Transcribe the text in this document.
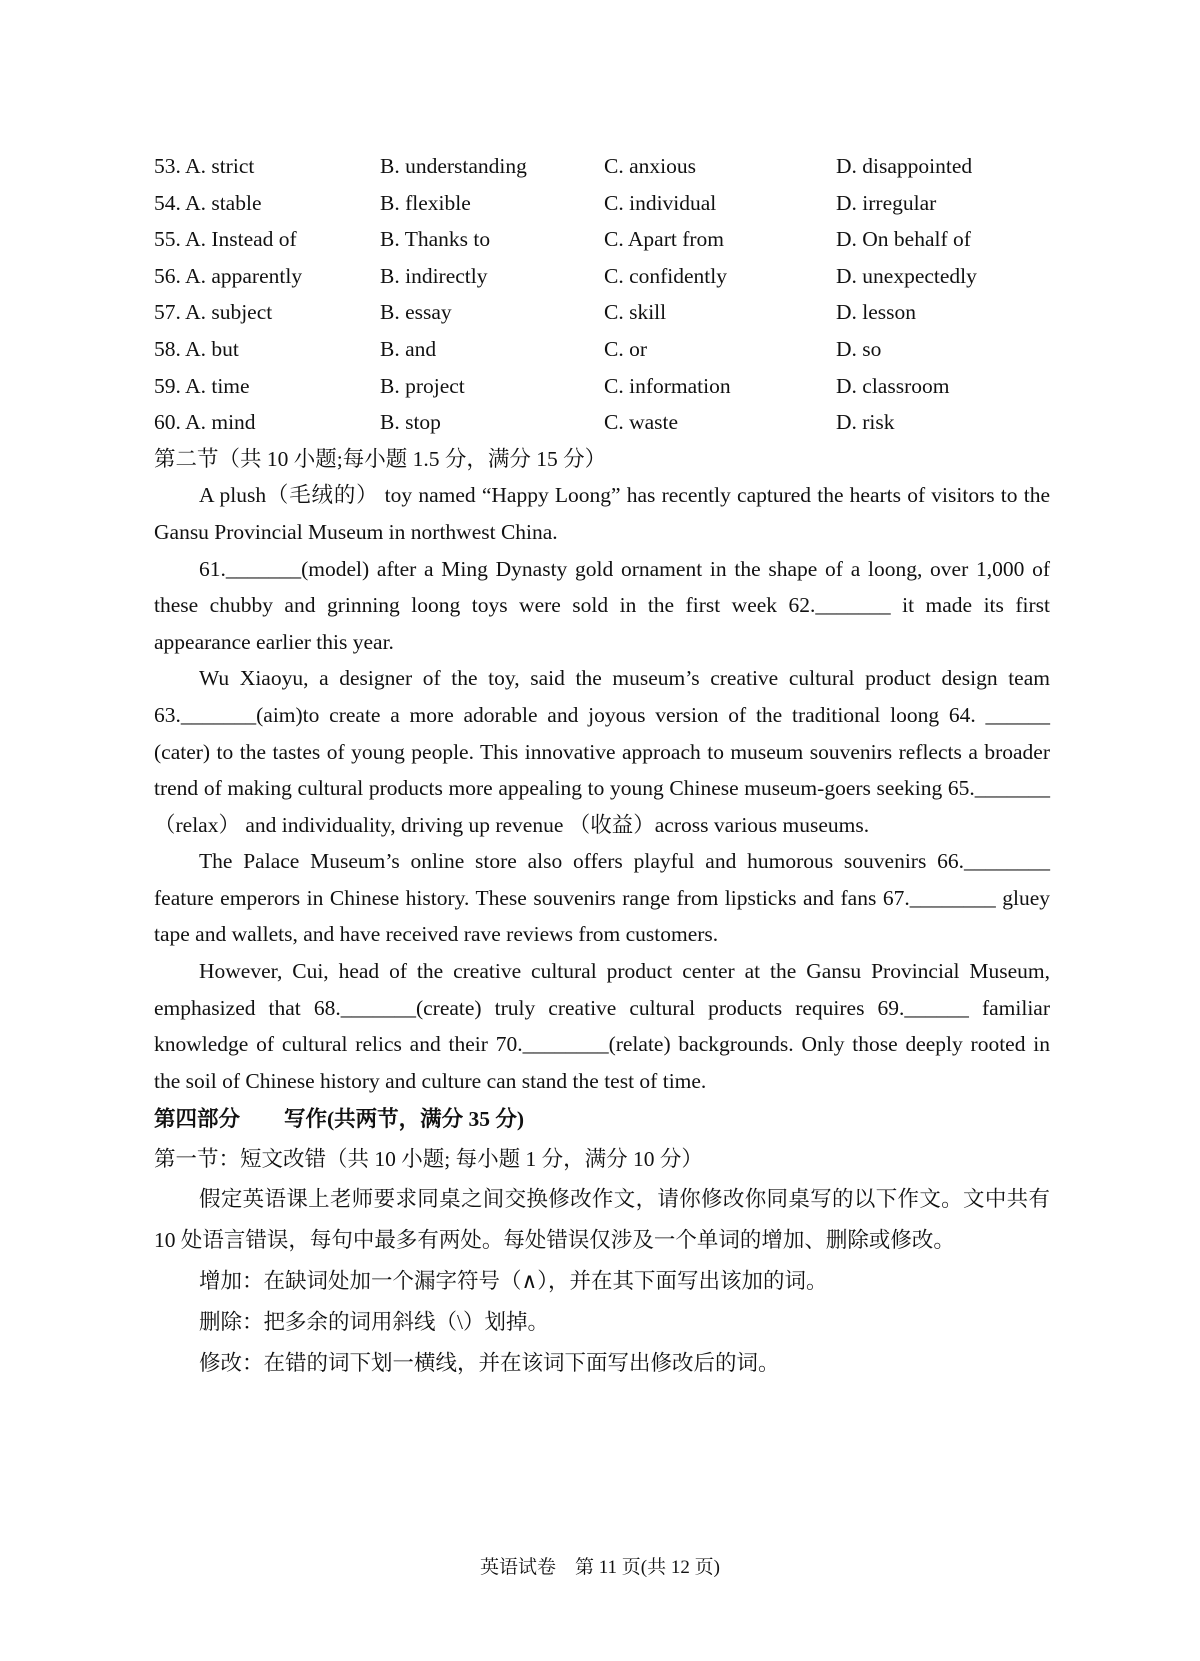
53. A. strict	B. understanding	C. anxious	D. disappointed
54. A. stable	B. flexible	C. individual	D. irregular
55. A. Instead of	B. Thanks to	C. Apart from	D. On behalf of
56. A. apparently	B. indirectly	C. confidently	D. unexpectedly
57. A. subject	B. essay	C. skill	D. lesson
58. A. but	B. and	C. or	D. so
59. A. time	B. project	C. information	D. classroom
60. A. mind	B. stop	C. waste	D. risk
第二节（共 10 小题;每小题 1.5 分，满分 15 分）

A plush（毛绒的） toy named “Happy Loong” has recently captured the hearts of visitors to the Gansu Provincial Museum in northwest China.

61._______(model) after a Ming Dynasty gold ornament in the shape of a loong, over 1,000 of these chubby and grinning loong toys were sold in the first week 62._______ it made its first appearance earlier this year.

Wu Xiaoyu, a designer of the toy, said the museum’s creative cultural product design team 63._______(aim)to create a more adorable and joyous version of the traditional loong 64. ______ (cater) to the tastes of young people. This innovative approach to museum souvenirs reflects a broader trend of making cultural products more appealing to young Chinese museum-goers seeking 65._______ （relax） and individuality, driving up revenue （收益）across various museums.

The Palace Museum’s online store also offers playful and humorous souvenirs 66.________ feature emperors in Chinese history. These souvenirs range from lipsticks and fans 67.________ gluey tape and wallets, and have received rave reviews from customers.

However, Cui, head of the creative cultural product center at the Gansu Provincial Museum, emphasized that 68._______(create) truly creative cultural products requires 69.______ familiar knowledge of cultural relics and their 70.________(relate) backgrounds. Only those deeply rooted in the soil of Chinese history and culture can stand the test of time.

第四部分 写作(共两节，满分 35 分)
第一节：短文改错（共 10 小题; 每小题 1 分，满分 10 分）

假定英语课上老师要求同桌之间交换修改作文，请你修改你同桌写的以下作文。文中共有 10 处语言错误，每句中最多有两处。每处错误仅涉及一个单词的增加、删除或修改。

增加：在缺词处加一个漏字符号（∧），并在其下面写出该加的词。

删除：把多余的词用斜线（\）划掉。

修改：在错的词下划一横线，并在该词下面写出修改后的词。

英语试卷　第 11 页(共 12 页)
